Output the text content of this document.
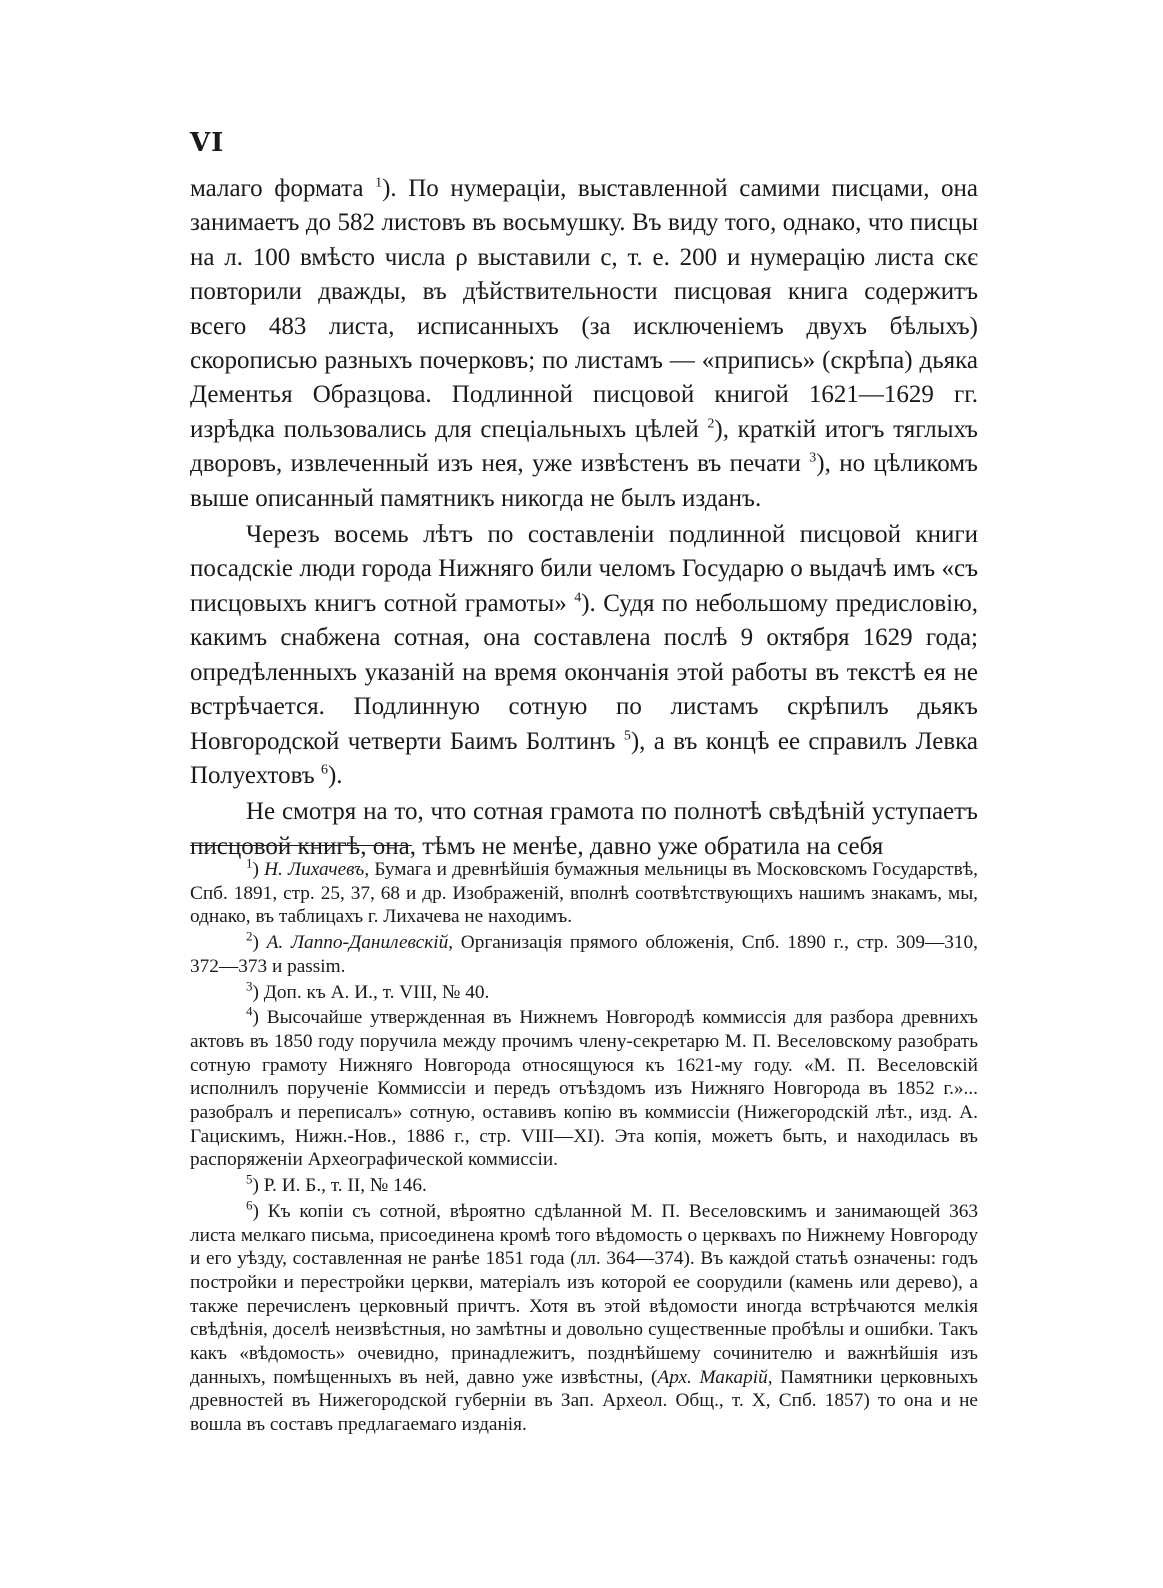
VI

малаго формата $^1$). По нумераціи, выставленной самими писцами, она занимаетъ до 582 листовъ въ восьмушку. Въ виду того, однако, что писцы на л. 100 вмѣсто числа ρ выставили с, т. е. 200 и нумерацію листа скє повторили дважды, въ дѣйствительности писцовая книга содержитъ всего 483 листа, исписанныхъ (за исключеніемъ двухъ бѣлыхъ) скорописью разныхъ почерковъ; по листамъ — «припись» (скрѣпа) дьяка Дементья Образцова. Подлинной писцовой книгой 1621—1629 гг. изрѣдка пользовались для спеціальныхъ цѣлей $^2$), краткій итогъ тяглыхъ дворовъ, извлеченный изъ нея, уже извѣстенъ въ печати $^3$), но цѣликомъ выше описанный памятникъ никогда не былъ изданъ.

Черезъ восемь лѣтъ по составленіи подлинной писцовой книги посадскіе люди города Нижняго били челомъ Государю о выдачѣ имъ «съ писцовыхъ книгъ сотной грамоты» $^4$). Судя по небольшому предисловію, какимъ снабжена сотная, она составлена послѣ 9 октября 1629 года; опредѣленныхъ указаній на время окончанія этой работы въ текстѣ ея не встрѣчается. Подлинную сотную по листамъ скрѣпилъ дьякъ Новгородской четверти Баимъ Болтинъ $^5$), а въ концѣ ее справилъ Левка Полуехтовъ $^6$).

Не смотря на то, что сотная грамота по полнотѣ свѣдѣній уступаетъ писцовой книгѣ, она, тѣмъ не менѣе, давно уже обратила на себя

$^1$) Н. Лихачевъ, Бумага и древнѣйшія бумажныя мельницы въ Московскомъ Государствѣ, Спб. 1891, стр. 25, 37, 68 и др. Изображеній, вполнѣ соотвѣтствующихъ нашимъ знакамъ, мы, однако, въ таблицахъ г. Лихачева не находимъ.

$^2$) А. Лаппо-Данилевскій, Организація прямого обложенія, Спб. 1890 г., стр. 309—310, 372—373 и passim.

$^3$) Доп. къ А. И., т. VIII, № 40.

$^4$) Высочайше утвержденная въ Нижнемъ Новгородѣ коммиссія для разбора древнихъ актовъ въ 1850 году поручила между прочимъ члену-секретарю М. П. Веселовскому разобрать сотную грамоту Нижняго Новгорода относящуюся къ 1621-му году. «М. П. Веселовскій исполнилъ порученіе Коммиссіи и передъ отъѣздомъ изъ Нижняго Новгорода въ 1852 г.»... разобралъ и переписалъ» сотную, оставивъ копію въ коммиссіи (Нижегородскій лѣт., изд. А. Гацискимъ, Нижн.-Нов., 1886 г., стр. VIII—XI). Эта копія, можетъ быть, и находилась въ распоряженіи Археографической коммиссіи.

$^5$) Р. И. Б., т. II, № 146.

$^6$) Къ копіи съ сотной, вѣроятно сдѣланной М. П. Веселовскимъ и занимающей 363 листа мелкаго письма, присоединена кромѣ того вѣдомость о церквахъ по Нижнему Новгороду и его уѣзду, составленная не ранѣе 1851 года (лл. 364—374). Въ каждой статьѣ означены: годъ постройки и перестройки церкви, матеріалъ изъ которой ее соорудили (камень или дерево), а также перечисленъ церковный причтъ. Хотя въ этой вѣдомости иногда встрѣчаются мелкія свѣдѣнія, доселѣ неизвѣстныя, но замѣтны и довольно существенные пробѣлы и ошибки. Такъ какъ «вѣдомость» очевидно, принадлежитъ, позднѣйшему сочинителю и важнѣйшія изъ данныхъ, помѣщенныхъ въ ней, давно уже извѣстны, (Арх. Макарій, Памятники церковныхъ древностей въ Нижегородской губерніи въ Зап. Археол. Общ., т. X, Спб. 1857) то она и не вошла въ составъ предлагаемаго изданія.
